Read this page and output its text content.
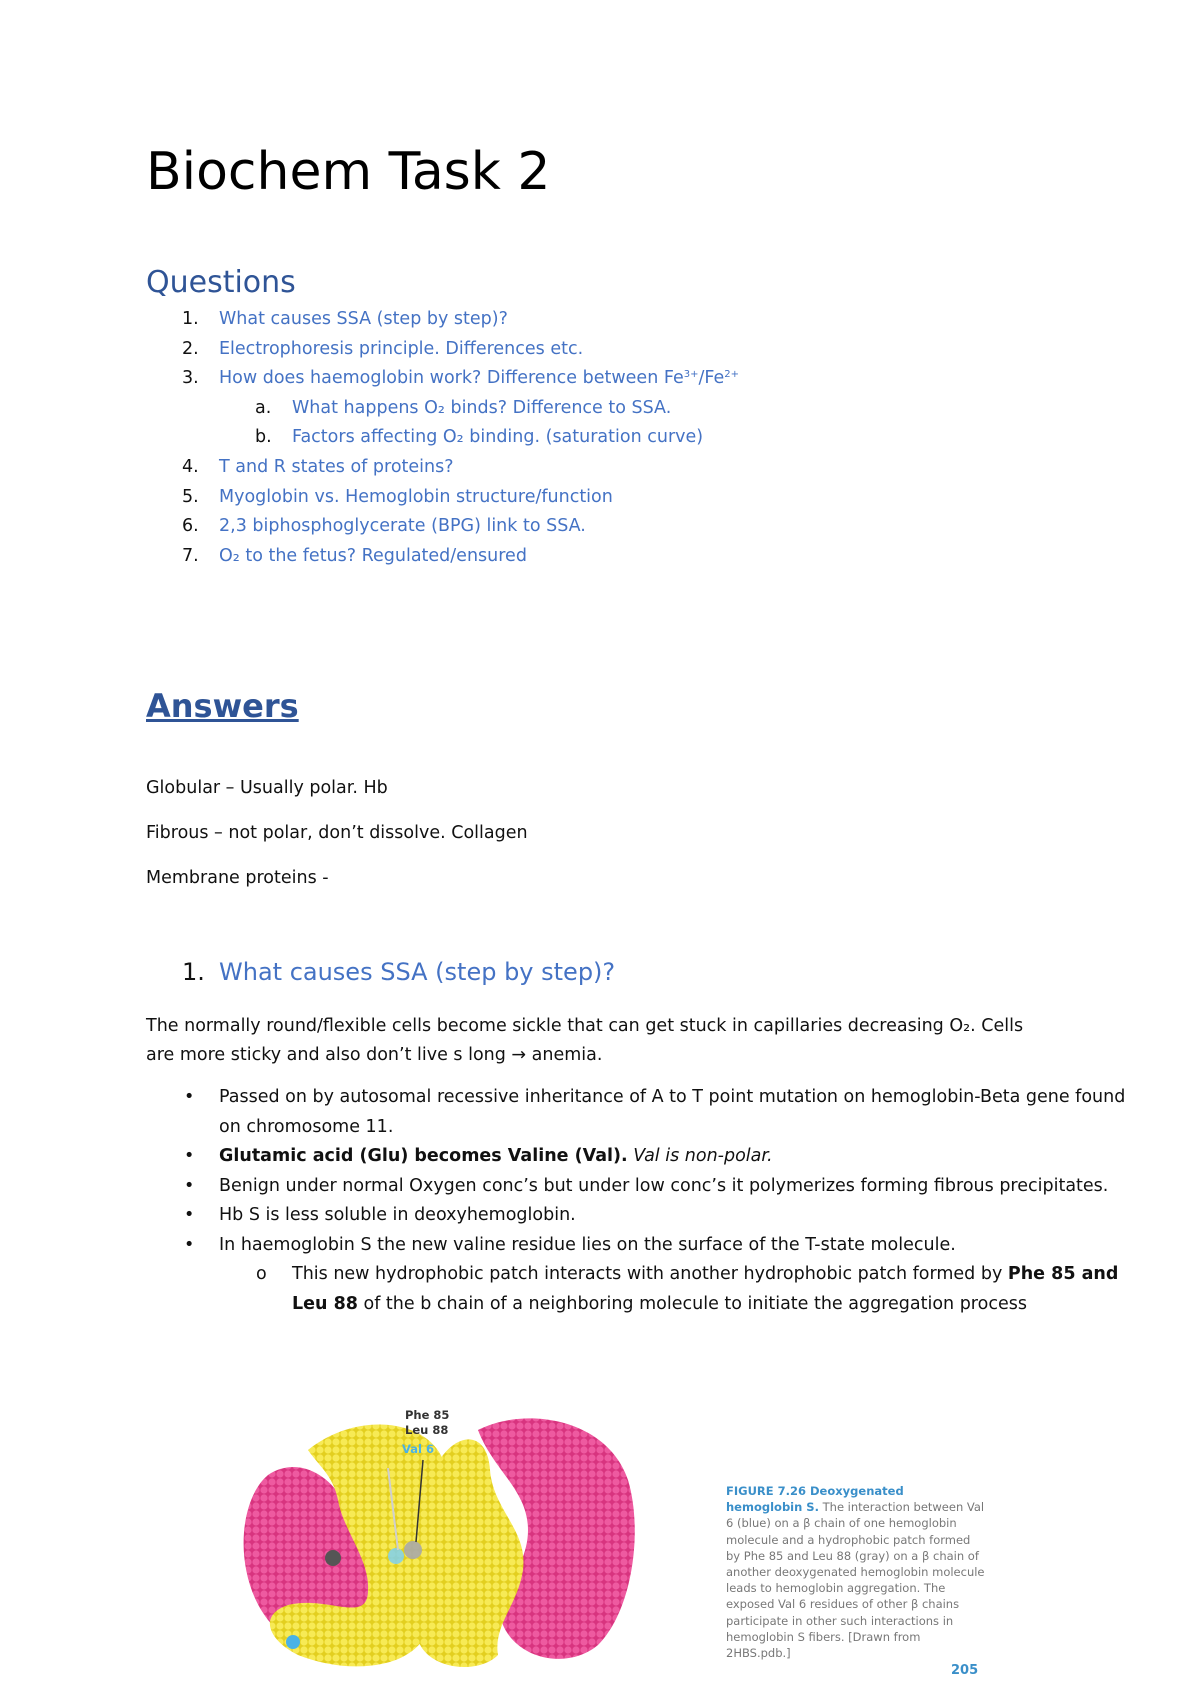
Biochem Task 2
Questions
1. What causes SSA (step by step)?
2. Electrophoresis principle. Differences etc.
3. How does haemoglobin work? Difference between $Fe^{3+}/Fe^{2+}$
a. What happens O₂ binds? Difference to SSA.
b. Factors affecting O₂ binding. (saturation curve)
4. T and R states of proteins?
5. Myoglobin vs. Hemoglobin structure/function
6. 2,3 biphosphoglycerate (BPG) link to SSA.
7. O₂ to the fetus? Regulated/ensured
Answers

Globular – Usually polar. Hb

Fibrous – not polar, don’t dissolve. Collagen

Membrane proteins -

1. What causes SSA (step by step)?

The normally round/flexible cells become sickle that can get stuck in capillaries decreasing O₂. Cells are more sticky and also don’t live s long → anemia.

• Passed on by autosomal recessive inheritance of A to T point mutation on hemoglobin-Beta gene found on chromosome 11.
• Glutamic acid (Glu) becomes Valine (Val). Val is non-polar.
• Benign under normal Oxygen conc’s but under low conc’s it polymerizes forming fibrous precipitates.
• Hb S is less soluble in deoxyhemoglobin.
• In haemoglobin S the new valine residue lies on the surface of the T-state molecule.
o This new hydrophobic patch interacts with another hydrophobic patch formed by Phe 85 and Leu 88 of the b chain of a neighboring molecule to initiate the aggregation process
Phe 85
Leu 88
Val 6
FIGURE 7.26 Deoxygenated
hemoglobin S. The interaction between Val 6 (blue) on a β chain of one hemoglobin molecule and a hydrophobic patch formed by Phe 85 and Leu 88 (gray) on a β chain of another deoxygenated hemoglobin molecule leads to hemoglobin aggregation. The exposed Val 6 residues of other β chains participate in other such interactions in hemoglobin S fibers. [Drawn from 2HBS.pdb.]
205
